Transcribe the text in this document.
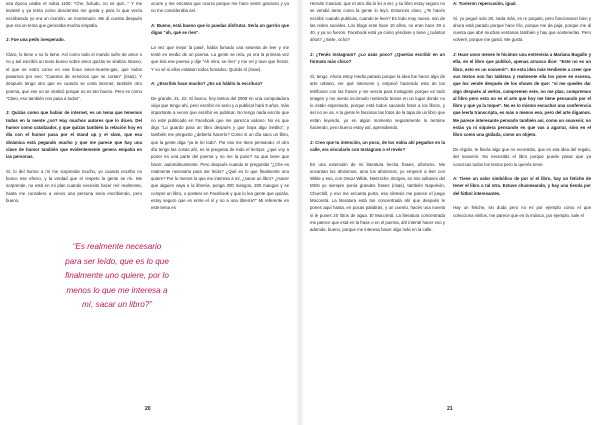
esa época usabe el nokia 1100: “Che, boludo, no sé qué...” Y me levanté y ya tenía como doscientos me gusta y para lo que venía escribiendo yo era un montón, un montonazo. Me di cuenta después que era un tema que generaba mucha empatía.

J: Fue una pedo inesperado.

Claro, lo tiene o no lo tiene. Así como todo el mundo sufre de amor o no y así escribís un texto bueno sobre amor quizás se viraliza. Bueno, el que se entró como en esa línea amor-muerte-gas, que todos pasamos por eso: “Cuantos de servicios que se cortan” (risas). Y después tengo otro que es cuando se corta internet, también otro poema, que ese no se viralizó porque no es tan bueno. Pero es como “Claro, eso también nos pasa a todos”.

J: Quizás como que habiar de internet, es un tema que tenemos todos en la mente ¿no? Hay muchos autores que lo dicen. Del humor como catalizador, y que quizás también la relación hoy en día con el humor pasa por el stand up y el slam, que esa dinámica está pegando mucho y que me parece que hay una clave de humor también que evidentemente genera empatía en las personas.

Sí, lo del humor a mí me sorprende mucho, yo cuando escribo no busco ese efecto, y la verdad que el respeto la gente se ríe. Me sorprende, no está en mi plan cuando necesito hacer reír realmente, hasta me considero a veces una persona seria escribiendo, pero bueno,

“Es realmente necesario
para ser leído, que es lo que
finalmente uno quiere, por lo
menos lo que me interesa a
mí, sacar un libro?”

ocurre y me encanta que ocurra porque me hace sentir gracioso y yo no me consideraba así.

A: Bueno, está bueno que lo puedas disfrutar. Sería un garrón que digas “ah, qué se ríen”.

La vez que mejor la pasé, había fumado una sesenta de leer y me tenté en medio de un poema. La gente se reía, yo era la primera vez que leía ese poema y dije “Ah mira, se ríen” y me reí y tuve que frenar. Y no sé si ellos estaban todos fumados. Quizás sí (risas).

A: ¿Escribís hace mucho? ¿Es un hábito la escritura?

De grande, 21, 22. Sí busco, hoy tantos del 2009 en una computadora vieja que tengo ahí, pero escribir en serio y a publicar hará 5 años, más importante a veces que escribir es publicar. No tengo nada escrito que no esté publicado en Facebook que me parezca valioso. No es que digo “Lo guardo para un libro después y que haya algo inédito”, y también me pregunto ¿debería hacerlo? Como si un día saco un libro, que la gente diga “ya te leí todo”. Por eso me tiene pensando: el otro día tengo las cosas ahí, es la pregunta de todo el tiempo: ¿qué voy a poner en una parte del poema y no me la pone? sa que tiene que hacer, automáticamente. Pero después cuando te preguntás “¿Che es realmente necesario para ser leído? ¿Qué es lo que finalmente uno quiere? Por lo menos lo que me interesa a mí, ¿sacar un libro? ¿Hacer que alguien vaya a la librería, ponga 300 mangos, 200 mangos y se compre un libro, o postear en Facebook y que lo lea gente que quizás, estoy seguro que es entre el sí y no a una librería?” Mi referente en este tema es

Hernán Casciari, que el otro día lo leí a ver, y su libro estoy seguro no se vendió tanto como la gente lo leyó. Entonces claro, ¿Te hacés escribir cuando publicás, cuando te leen? Es todo muy nuevo, son de las redes sociales. Los blogs eran hace 10 años, no eran hace 30 o 40, y ya no fueron. Facebook está ya como yéndose y tiene ¿cuántos años? ¿Siete, ocho?

J: ¿Tenés Instagram? ¿Lo usás poco? ¿Querías escribir en un formato más chico?

Sí, tengo. Ahora estoy medio parado porque la idea fue hacer algo de arte urbano, ver qué intervenir y empecé haciendo esto de los teléfonos con las frases y me servía para Instagram porque es todo imagen y me siento incómodo metiendo textos en un lugar donde no lo están esperando, porque está todos sacando fotos a los libros, y así no se va. A la gente le fascinan las fotos de la tapa de un libro que están leyendo, yo en algún momento seguramente lo termine haciendo, pero bueno estoy así, aprendiendo.

J: Creo que tu intención, un poco, de los nokia ahí pegados en la calle, era vincularlo con Instagram o el revés?

En una extensión de mi literatura hecha frases, aforismo. Me encantan los aforismos, amo los aforismos, yo empecé a leer con Wilde y eso, con Oscar Wilde, Nietzsche, Borges, en mis sultanes del MSN yo siempre ponía grandes frases (risas), también Napoleón, Churchill, y eso me encanta porta, esa síntesis me parece el juego Mocoretá. La literatura está tan concentrada ahí que después le pones aquí hasta, en pocas palabras, y un cuento, hacés una novela si le pones 20 litros de agua. El Mocoretá. La literatura concentrada me parece que está en la frase o en el poema, ahí intenté hacer eso y además, bueno, porque me interesa hacer algo más en la calle.

A: Tuvieron repercusión, igual.

Sí, yo pegué solo 30, nada más, es re poquito, pero funcionaron bien y ahora está parado porque hace frío, porque me da paja, porque me di cuenta que abrí muchas ventanas también y hay que sostenerlas. Pero volveré, porque me gustó. Me gustó.

J: Hace unos meses le hicimos una entrevista a Mariana Bugallo y ella, en el libro que publicó, apenas arranca dice: “Este no es un libro, esto es un souvenir”. Es esta idea más tendiente a creer que sus textos son fan tabletas y realmente ella los pone en escena, que los vende después de los shows de que: “sí me quedés dar algo después al verlos, compremen este, no me plas, compremos al libro pero esto no es el arte que hoy me tiene pensando por el libro y que ya la toque”. No es lo mismo escuchar una conferencia que leerla transcripta, es más o menos eso, pero del arte digamos. Me parece interesante pensarlo también así, como un souvenir, no estás ya ni siquiera pensando en que vas a agarrar, sino en el libro como una güilada, como un objeto.

De régalo, te llevás algo que no necesitás, que es esa idea del regalo, del souvenir. No necesitás el libro porque puede pasar que ya conozcas todos los textos pero lo querés tener.

A: Tiene un valor simbólico de por sí el libro, hay un fetiche de tener el libro o tal otra. Estuve chusmeando, y hay una tienda por del fútbol interesantes.

Hay un fetiche, sin duda pero no es por ejemplo como el que colecciona vinilos, me parece que en la música, por ejemplo, sale el

20	21
